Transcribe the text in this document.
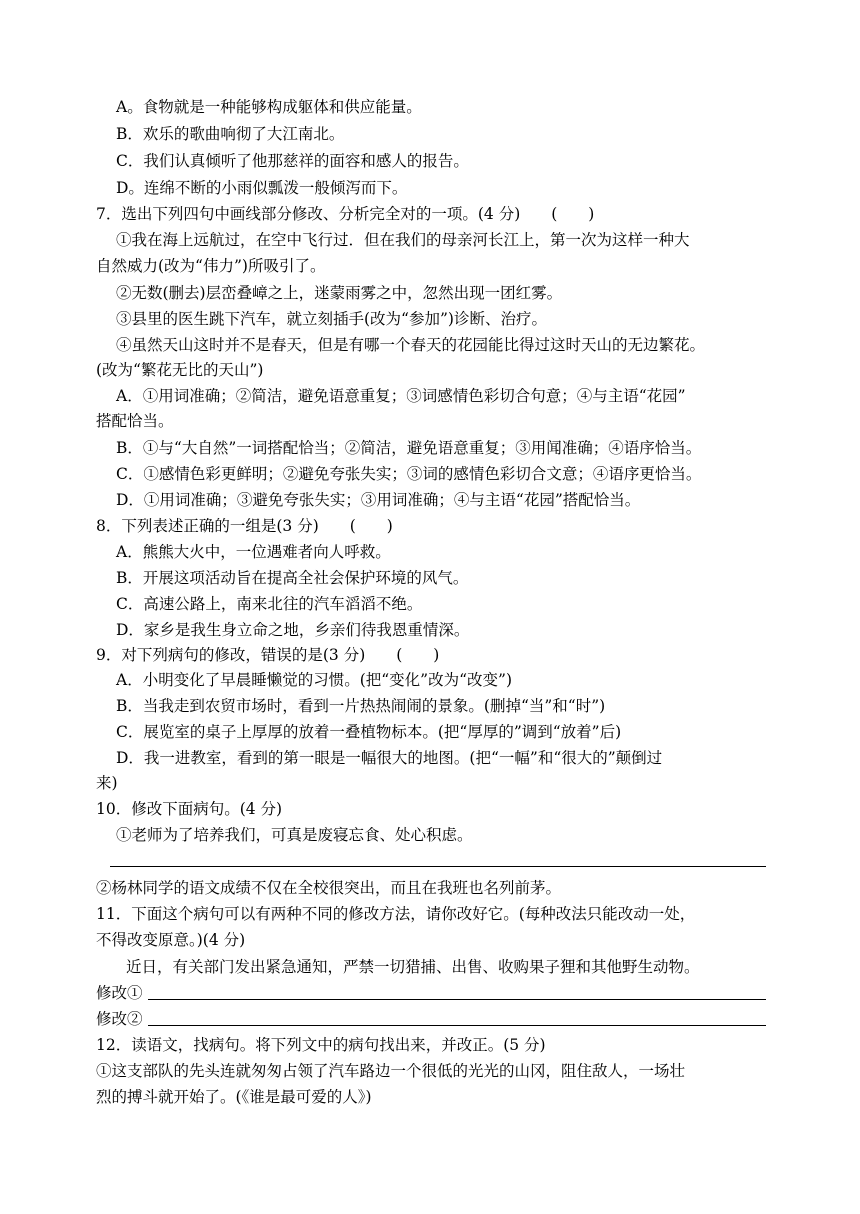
A。食物就是一种能够构成躯体和供应能量。
B．欢乐的歌曲响彻了大江南北。
C．我们认真倾听了他那慈祥的面容和感人的报告。
D。连绵不断的小雨似瓢泼一般倾泻而下。
7．选出下列四句中画线部分修改、分析完全对的一项。(4 分)　　(　　)
①我在海上远航过，在空中飞行过．但在我们的母亲河长江上，第一次为这样一种大
自然威力(改为“伟力”)所吸引了。
②无数(删去)层峦叠嶂之上，迷蒙雨雾之中，忽然出现一团红雾。
③县里的医生跳下汽车，就立刻插手(改为“参加”)诊断、治疗。
④虽然天山这时并不是春天，但是有哪一个春天的花园能比得过这时天山的无边繁花。
(改为“繁花无比的天山”)
A．①用词准确；②简洁，避免语意重复；③词感情色彩切合句意；④与主语“花园”
搭配恰当。
B．①与“大自然”一词搭配恰当；②简洁，避免语意重复；③用闻准确；④语序恰当。
C．①感情色彩更鲜明；②避免夸张失实；③词的感情色彩切合文意；④语序更恰当。
D．①用词准确；③避免夸张失实；③用词准确；④与主语“花园”搭配恰当。
8．下列表述正确的一组是(3 分)　　(　　)
A．熊熊大火中，一位遇难者向人呼救。
B．开展这项活动旨在提高全社会保护环境的风气。
C．高速公路上，南来北往的汽车滔滔不绝。
D．家乡是我生身立命之地，乡亲们待我恩重情深。
9．对下列病句的修改，错误的是(3 分)　　(　　)
A．小明变化了早晨睡懒觉的习惯。(把“变化”改为“改变”)
B．当我走到农贸市场时，看到一片热热闹闹的景象。(删掉“当”和“时”)
C．展览室的桌子上厚厚的放着一叠植物标本。(把“厚厚的”调到“放着”后)
D．我一进教室，看到的第一眼是一幅很大的地图。(把“一幅”和“很大的”颠倒过
来)
10．修改下面病句。(4 分)
①老师为了培养我们，可真是废寝忘食、处心积虑。
②杨林同学的语文成绩不仅在全校很突出，而且在我班也名列前茅。
11．下面这个病句可以有两种不同的修改方法，请你改好它。(每种改法只能改动一处，
不得改变原意。)(4 分)
近日，有关部门发出紧急通知，严禁一切猎捕、出售、收购果子狸和其他野生动物。
修改①
修改②
12．读语文，找病句。将下列文中的病句找出来，并改正。(5 分)
①这支部队的先头连就匆匆占领了汽车路边一个很低的光光的山冈，阻住敌人，一场壮
烈的搏斗就开始了。(《谁是最可爱的人》)
